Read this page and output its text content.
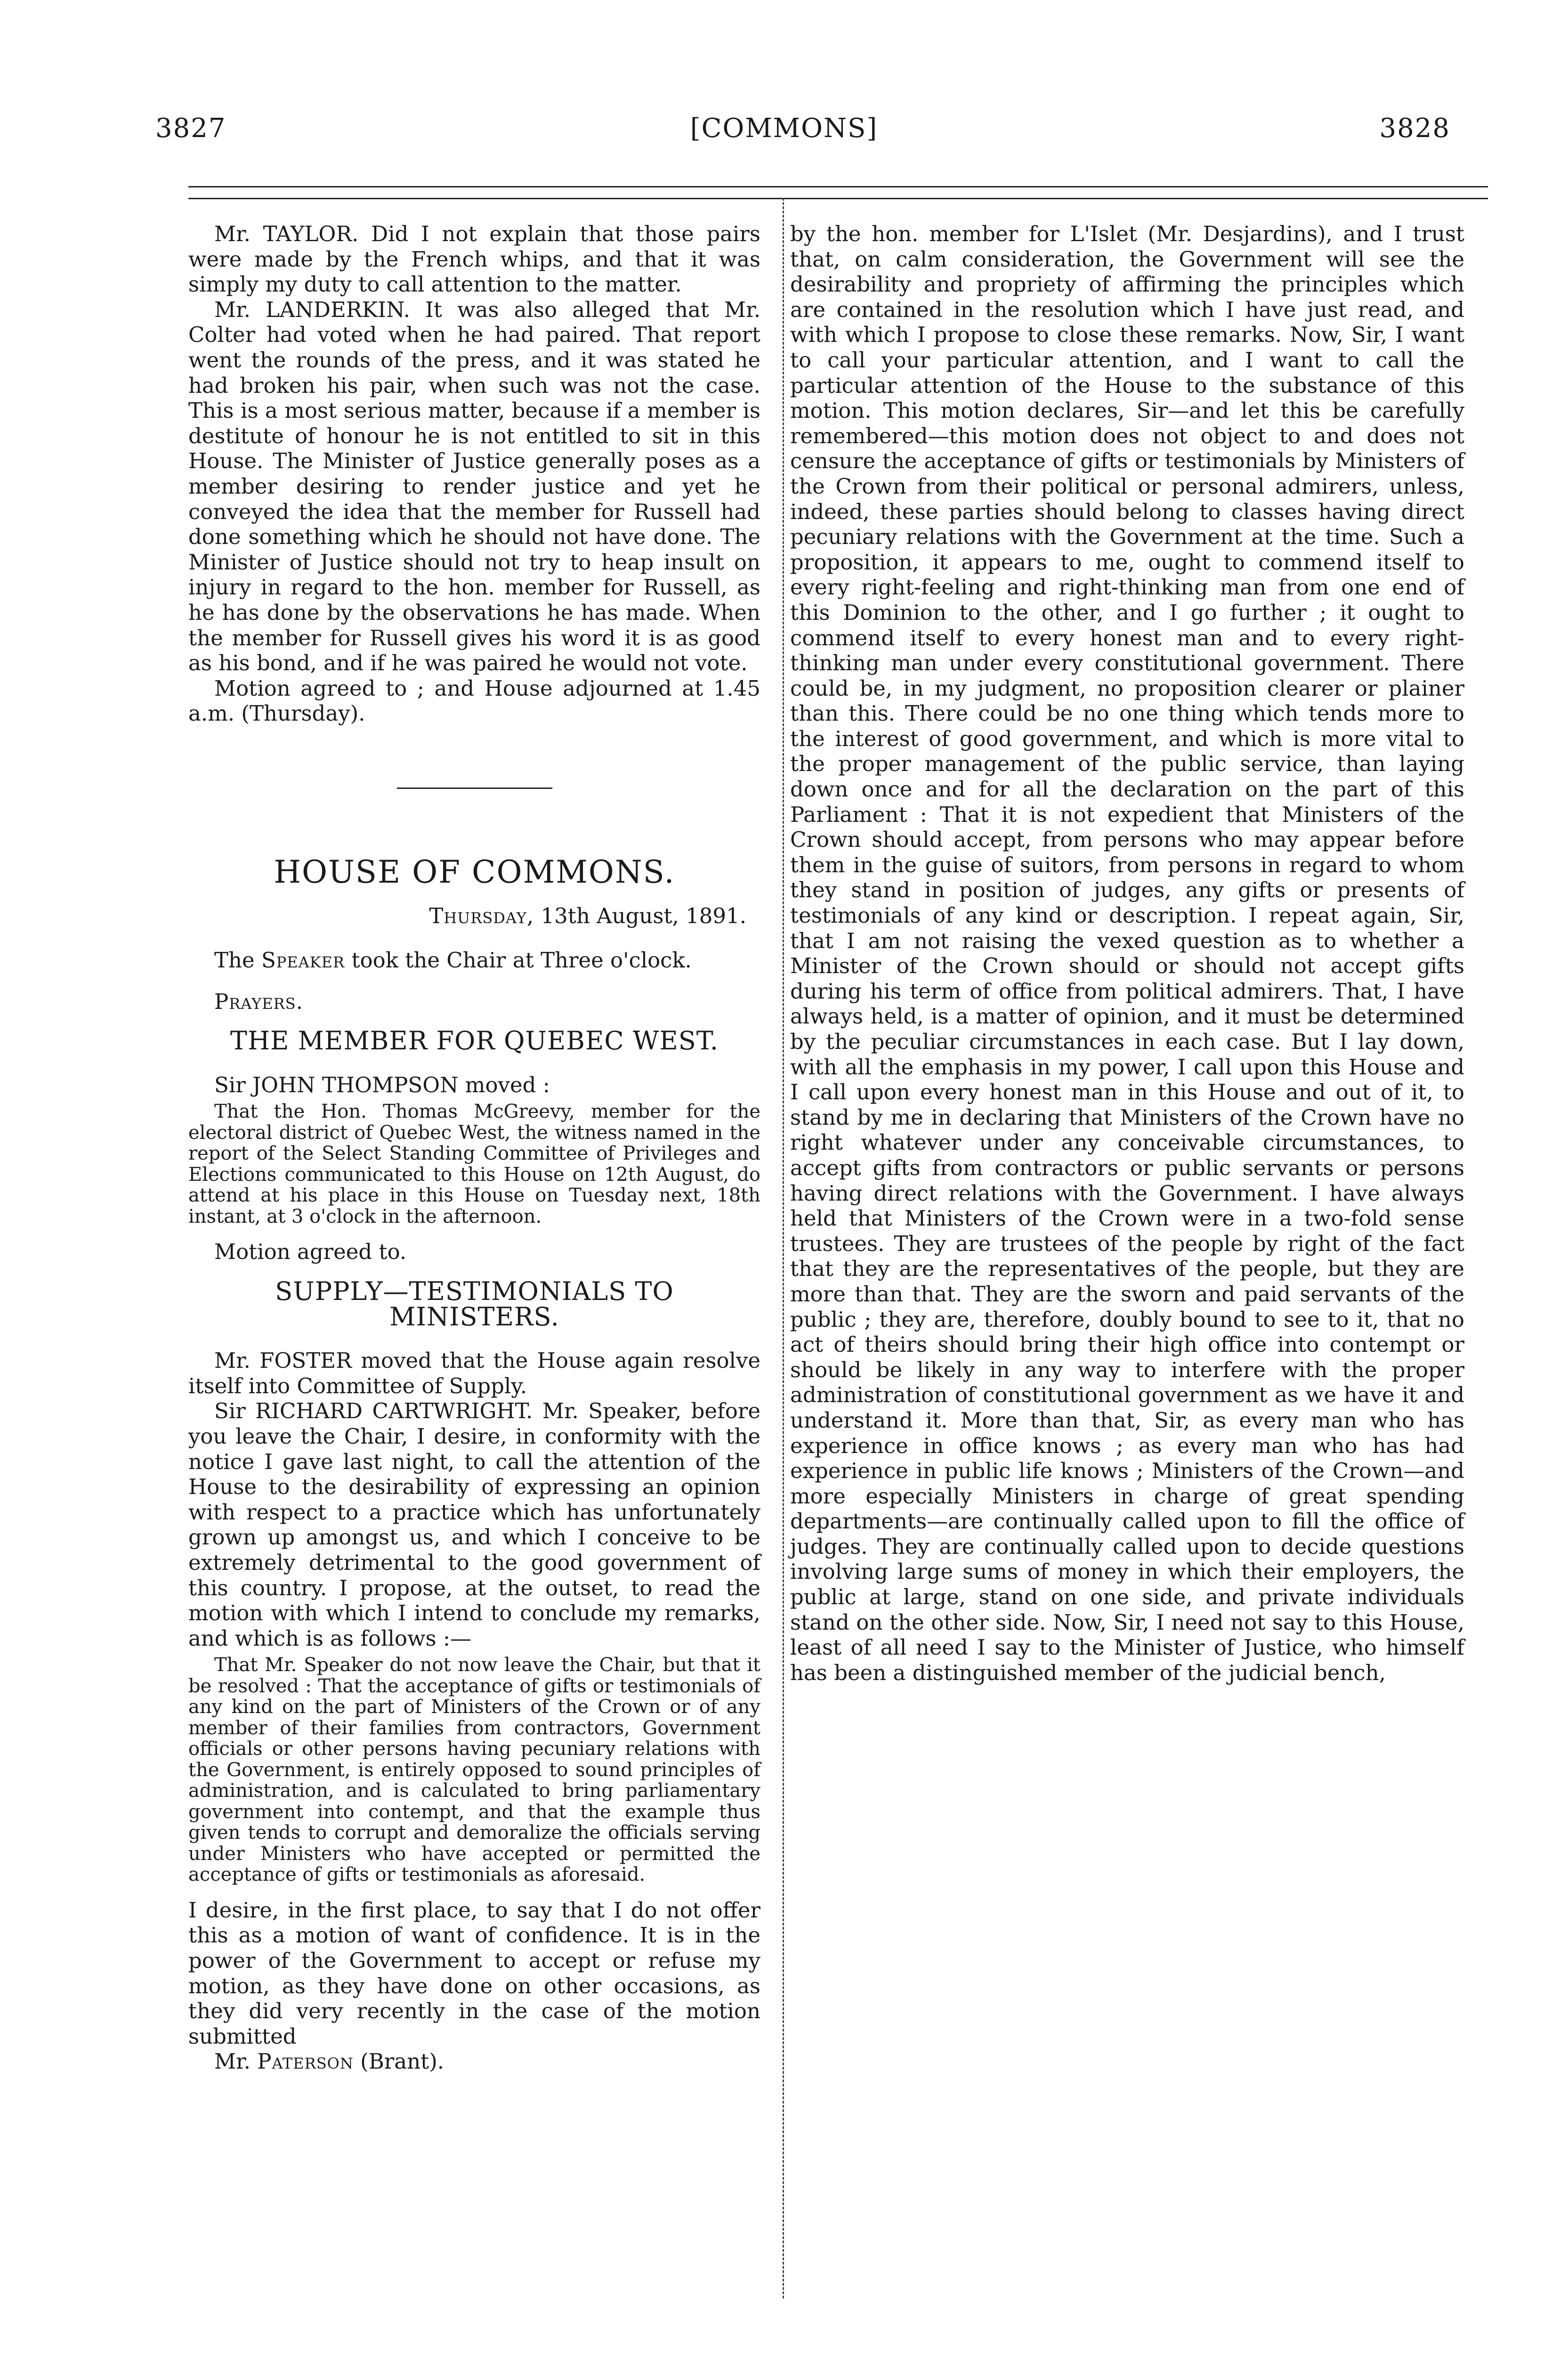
3827	[COMMONS]	3828

Mr. TAYLOR. Did I not explain that those pairs were made by the French whips, and that it was simply my duty to call attention to the matter.

Mr. LANDERKIN. It was also alleged that Mr. Colter had voted when he had paired. That report went the rounds of the press, and it was stated he had broken his pair, when such was not the case. This is a most serious matter, because if a member is destitute of honour he is not entitled to sit in this House. The Minister of Justice generally poses as a member desiring to render justice and yet he conveyed the idea that the member for Russell had done something which he should not have done. The Minister of Justice should not try to heap insult on injury in regard to the hon. member for Russell, as he has done by the observations he has made. When the member for Russell gives his word it is as good as his bond, and if he was paired he would not vote.

Motion agreed to ; and House adjourned at 1.45 a.m. (Thursday).

HOUSE OF COMMONS.

Thursday, 13th August, 1891.

The Speaker took the Chair at Three o'clock.

Prayers.

THE MEMBER FOR QUEBEC WEST.

Sir JOHN THOMPSON moved :

That the Hon. Thomas McGreevy, member for the electoral district of Quebec West, the witness named in the report of the Select Standing Committee of Privileges and Elections communicated to this House on 12th August, do attend at his place in this House on Tuesday next, 18th instant, at 3 o'clock in the afternoon.

Motion agreed to.

SUPPLY—TESTIMONIALS TO MINISTERS.

Mr. FOSTER moved that the House again resolve itself into Committee of Supply.

Sir RICHARD CARTWRIGHT. Mr. Speaker, before you leave the Chair, I desire, in conformity with the notice I gave last night, to call the attention of the House to the desirability of expressing an opinion with respect to a practice which has unfortunately grown up amongst us, and which I conceive to be extremely detrimental to the good government of this country. I propose, at the outset, to read the motion with which I intend to conclude my remarks, and which is as follows :—

That Mr. Speaker do not now leave the Chair, but that it be resolved : That the acceptance of gifts or testimonials of any kind on the part of Ministers of the Crown or of any member of their families from contractors, Government officials or other persons having pecuniary relations with the Government, is entirely opposed to sound principles of administration, and is calculated to bring parliamentary government into contempt, and that the example thus given tends to corrupt and demoralize the officials serving under Ministers who have accepted or permitted the acceptance of gifts or testimonials as aforesaid.

I desire, in the first place, to say that I do not offer this as a motion of want of confidence. It is in the power of the Government to accept or refuse my motion, as they have done on other occasions, as they did very recently in the case of the motion submitted

Mr. Paterson (Brant).

by the hon. member for L'Islet (Mr. Desjardins), and I trust that, on calm consideration, the Government will see the desirability and propriety of affirming the principles which are contained in the resolution which I have just read, and with which I propose to close these remarks. Now, Sir, I want to call your particular attention, and I want to call the particular attention of the House to the substance of this motion. This motion declares, Sir—and let this be carefully remembered—this motion does not object to and does not censure the acceptance of gifts or testimonials by Ministers of the Crown from their political or personal admirers, unless, indeed, these parties should belong to classes having direct pecuniary relations with the Government at the time. Such a proposition, it appears to me, ought to commend itself to every right-feeling and right-thinking man from one end of this Dominion to the other, and I go further ; it ought to commend itself to every honest man and to every right-thinking man under every constitutional government. There could be, in my judgment, no proposition clearer or plainer than this. There could be no one thing which tends more to the interest of good government, and which is more vital to the proper management of the public service, than laying down once and for all the declaration on the part of this Parliament : That it is not expedient that Ministers of the Crown should accept, from persons who may appear before them in the guise of suitors, from persons in regard to whom they stand in position of judges, any gifts or presents of testimonials of any kind or description. I repeat again, Sir, that I am not raising the vexed question as to whether a Minister of the Crown should or should not accept gifts during his term of office from political admirers. That, I have always held, is a matter of opinion, and it must be determined by the peculiar circumstances in each case. But I lay down, with all the emphasis in my power, I call upon this House and I call upon every honest man in this House and out of it, to stand by me in declaring that Ministers of the Crown have no right whatever under any conceivable circumstances, to accept gifts from contractors or public servants or persons having direct relations with the Government. I have always held that Ministers of the Crown were in a two-fold sense trustees. They are trustees of the people by right of the fact that they are the representatives of the people, but they are more than that. They are the sworn and paid servants of the public ; they are, therefore, doubly bound to see to it, that no act of theirs should bring their high office into contempt or should be likely in any way to interfere with the proper administration of constitutional government as we have it and understand it. More than that, Sir, as every man who has experience in office knows ; as every man who has had experience in public life knows ; Ministers of the Crown—and more especially Ministers in charge of great spending departments—are continually called upon to fill the office of judges. They are continually called upon to decide questions involving large sums of money in which their employers, the public at large, stand on one side, and private individuals stand on the other side. Now, Sir, I need not say to this House, least of all need I say to the Minister of Justice, who himself has been a distinguished member of the judicial bench,
